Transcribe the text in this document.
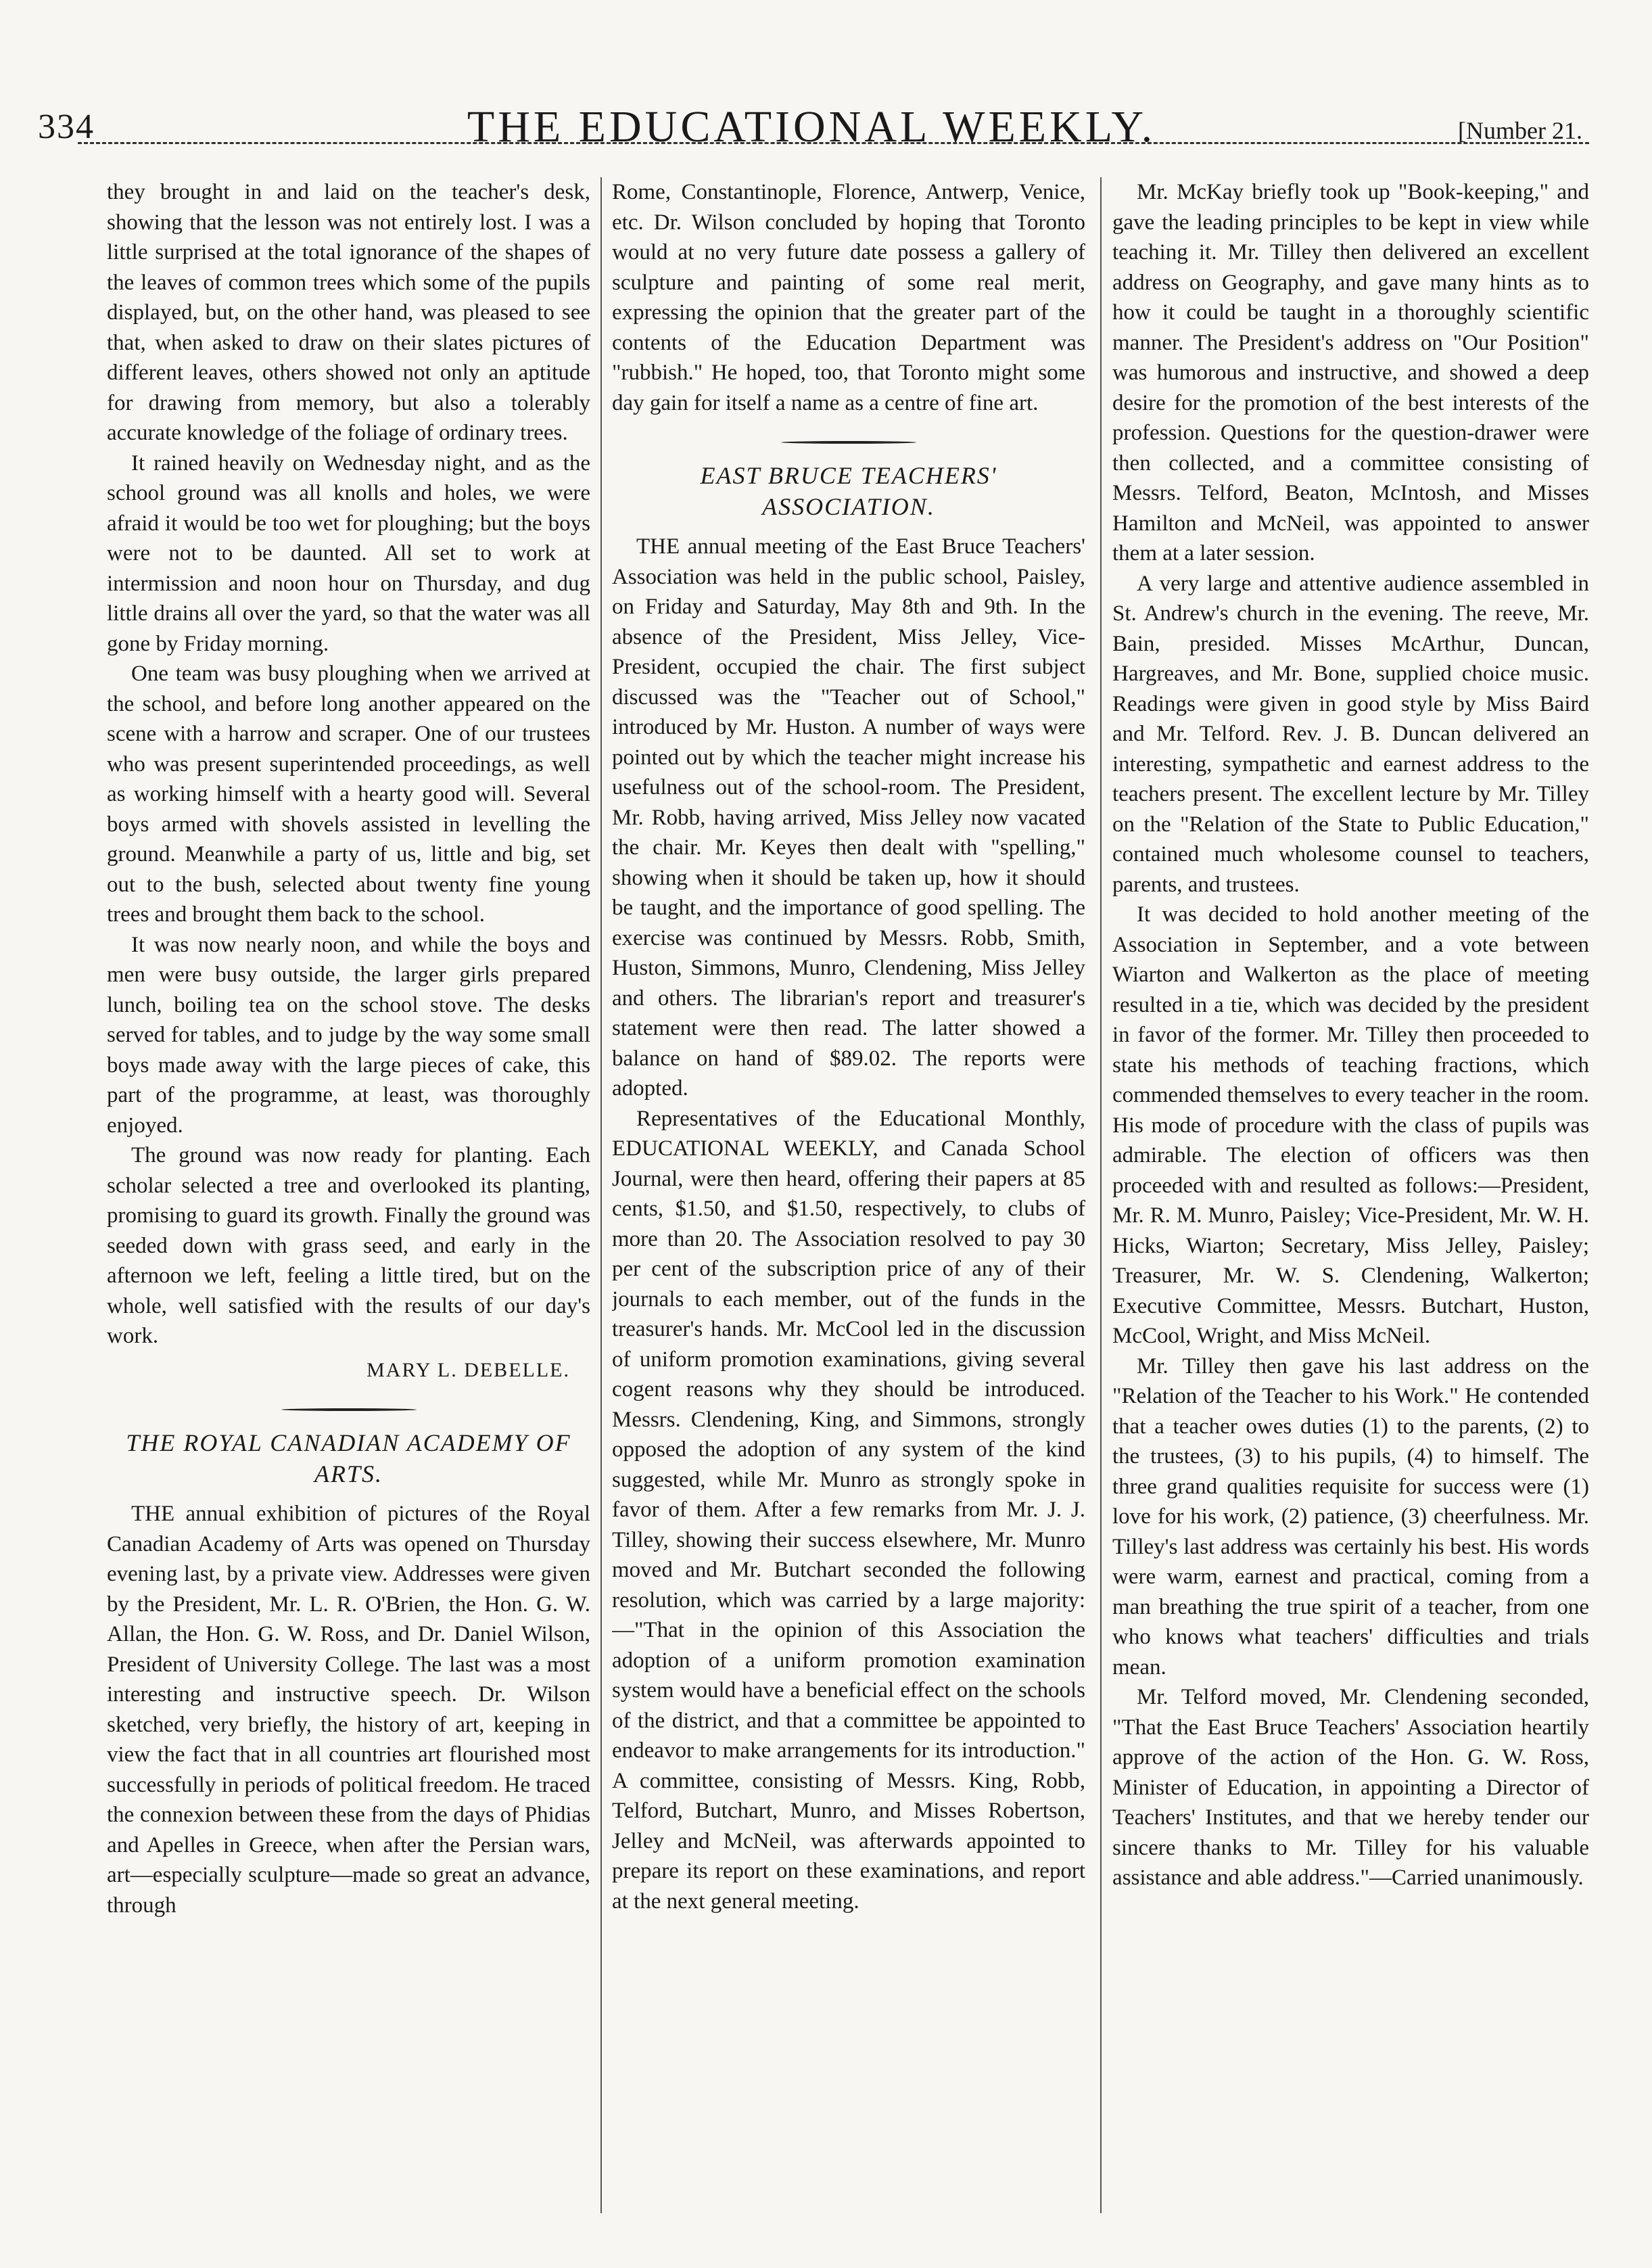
334	THE EDUCATIONAL WEEKLY.	[Number 21.

they brought in and laid on the teacher's desk, showing that the lesson was not entirely lost. I was a little surprised at the total ignorance of the shapes of the leaves of common trees which some of the pupils displayed, but, on the other hand, was pleased to see that, when asked to draw on their slates pictures of different leaves, others showed not only an aptitude for drawing from memory, but also a tolerably accurate knowledge of the foliage of ordinary trees.

It rained heavily on Wednesday night, and as the school ground was all knolls and holes, we were afraid it would be too wet for ploughing; but the boys were not to be daunted. All set to work at intermission and noon hour on Thursday, and dug little drains all over the yard, so that the water was all gone by Friday morning.

One team was busy ploughing when we arrived at the school, and before long another appeared on the scene with a harrow and scraper. One of our trustees who was present superintended proceedings, as well as working himself with a hearty good will. Several boys armed with shovels assisted in levelling the ground. Meanwhile a party of us, little and big, set out to the bush, selected about twenty fine young trees and brought them back to the school.

It was now nearly noon, and while the boys and men were busy outside, the larger girls prepared lunch, boiling tea on the school stove. The desks served for tables, and to judge by the way some small boys made away with the large pieces of cake, this part of the programme, at least, was thoroughly enjoyed.

The ground was now ready for planting. Each scholar selected a tree and overlooked its planting, promising to guard its growth. Finally the ground was seeded down with grass seed, and early in the afternoon we left, feeling a little tired, but on the whole, well satisfied with the results of our day's work.

MARY L. DEBELLE.
THE ROYAL CANADIAN ACADEMY OF ARTS.

THE annual exhibition of pictures of the Royal Canadian Academy of Arts was opened on Thursday evening last, by a private view. Addresses were given by the President, Mr. L. R. O'Brien, the Hon. G. W. Allan, the Hon. G. W. Ross, and Dr. Daniel Wilson, President of University College. The last was a most interesting and instructive speech. Dr. Wilson sketched, very briefly, the history of art, keeping in view the fact that in all countries art flourished most successfully in periods of political freedom. He traced the connexion between these from the days of Phidias and Apelles in Greece, when after the Persian wars, art—especially sculpture—made so great an advance, through

Rome, Constantinople, Florence, Antwerp, Venice, etc. Dr. Wilson concluded by hoping that Toronto would at no very future date possess a gallery of sculpture and painting of some real merit, expressing the opinion that the greater part of the contents of the Education Department was "rubbish." He hoped, too, that Toronto might some day gain for itself a name as a centre of fine art.

EAST BRUCE TEACHERS' ASSOCIATION.

THE annual meeting of the East Bruce Teachers' Association was held in the public school, Paisley, on Friday and Saturday, May 8th and 9th. In the absence of the President, Miss Jelley, Vice-President, occupied the chair. The first subject discussed was the "Teacher out of School," introduced by Mr. Huston. A number of ways were pointed out by which the teacher might increase his usefulness out of the school-room. The President, Mr. Robb, having arrived, Miss Jelley now vacated the chair. Mr. Keyes then dealt with "spelling," showing when it should be taken up, how it should be taught, and the importance of good spelling. The exercise was continued by Messrs. Robb, Smith, Huston, Simmons, Munro, Clendening, Miss Jelley and others. The librarian's report and treasurer's statement were then read. The latter showed a balance on hand of $89.02. The reports were adopted.

Representatives of the Educational Monthly, EDUCATIONAL WEEKLY, and Canada School Journal, were then heard, offering their papers at 85 cents, $1.50, and $1.50, respectively, to clubs of more than 20. The Association resolved to pay 30 per cent of the subscription price of any of their journals to each member, out of the funds in the treasurer's hands. Mr. McCool led in the discussion of uniform promotion examinations, giving several cogent reasons why they should be introduced. Messrs. Clendening, King, and Simmons, strongly opposed the adoption of any system of the kind suggested, while Mr. Munro as strongly spoke in favor of them. After a few remarks from Mr. J. J. Tilley, showing their success elsewhere, Mr. Munro moved and Mr. Butchart seconded the following resolution, which was carried by a large majority:—"That in the opinion of this Association the adoption of a uniform promotion examination system would have a beneficial effect on the schools of the district, and that a committee be appointed to endeavor to make arrangements for its introduction." A committee, consisting of Messrs. King, Robb, Telford, Butchart, Munro, and Misses Robertson, Jelley and McNeil, was afterwards appointed to prepare its report on these examinations, and report at the next general meeting.

Mr. McKay briefly took up "Book-keeping," and gave the leading principles to be kept in view while teaching it. Mr. Tilley then delivered an excellent address on Geography, and gave many hints as to how it could be taught in a thoroughly scientific manner. The President's address on "Our Position" was humorous and instructive, and showed a deep desire for the promotion of the best interests of the profession. Questions for the question-drawer were then collected, and a committee consisting of Messrs. Telford, Beaton, McIntosh, and Misses Hamilton and McNeil, was appointed to answer them at a later session.

A very large and attentive audience assembled in St. Andrew's church in the evening. The reeve, Mr. Bain, presided. Misses McArthur, Duncan, Hargreaves, and Mr. Bone, supplied choice music. Readings were given in good style by Miss Baird and Mr. Telford. Rev. J. B. Duncan delivered an interesting, sympathetic and earnest address to the teachers present. The excellent lecture by Mr. Tilley on the "Relation of the State to Public Education," contained much wholesome counsel to teachers, parents, and trustees.

It was decided to hold another meeting of the Association in September, and a vote between Wiarton and Walkerton as the place of meeting resulted in a tie, which was decided by the president in favor of the former. Mr. Tilley then proceeded to state his methods of teaching fractions, which commended themselves to every teacher in the room. His mode of procedure with the class of pupils was admirable. The election of officers was then proceeded with and resulted as follows:—President, Mr. R. M. Munro, Paisley; Vice-President, Mr. W. H. Hicks, Wiarton; Secretary, Miss Jelley, Paisley; Treasurer, Mr. W. S. Clendening, Walkerton; Executive Committee, Messrs. Butchart, Huston, McCool, Wright, and Miss McNeil.

Mr. Tilley then gave his last address on the "Relation of the Teacher to his Work." He contended that a teacher owes duties (1) to the parents, (2) to the trustees, (3) to his pupils, (4) to himself. The three grand qualities requisite for success were (1) love for his work, (2) patience, (3) cheerfulness. Mr. Tilley's last address was certainly his best. His words were warm, earnest and practical, coming from a man breathing the true spirit of a teacher, from one who knows what teachers' difficulties and trials mean.

Mr. Telford moved, Mr. Clendening seconded, "That the East Bruce Teachers' Association heartily approve of the action of the Hon. G. W. Ross, Minister of Education, in appointing a Director of Teachers' Institutes, and that we hereby tender our sincere thanks to Mr. Tilley for his valuable assistance and able address."—Carried unanimously.
